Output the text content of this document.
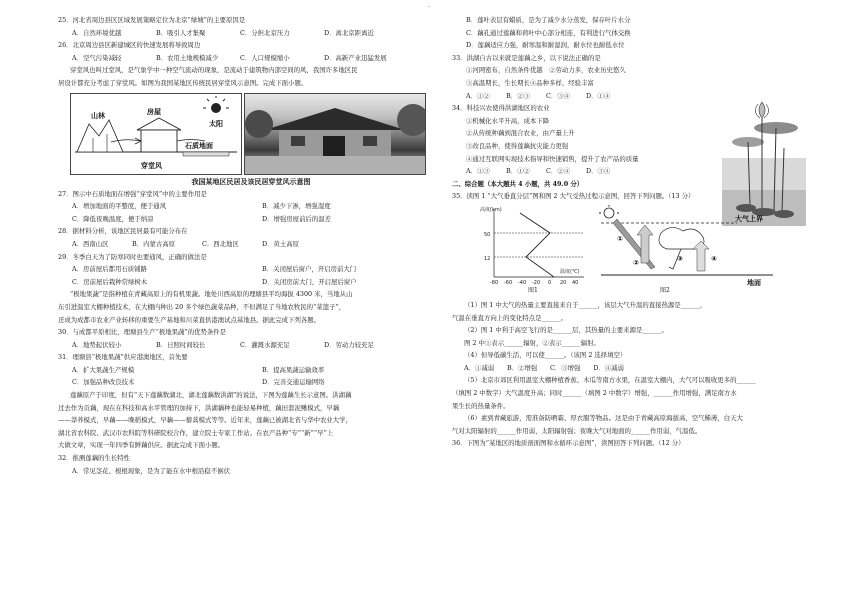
-
25．河北省周边县区区域发展策略定位为北京“绿城”的主要原因是
A．自然环境优越	B．吸引人才集聚	C．分担北京压力	D．离北京距离近
26．北京周边县区新建城区的快速发展将导致周边
A．空气污染减轻	B．农用土地规模减少	C．人口规模缩小	D．高新产业迅猛发展
穿堂风也叫过堂风，是气象学中一种空气流动的现象，是流动于建筑物内部空间的风，我国许多地区民
居设计都充分考虑了穿堂风。如图为我国某地区传统民居穿堂风示意图。完成下面小题。
山林	房屋
太阳
石质地面
穿堂风
我国某地区民居及该民居穿堂风示意图
27．图示中石质地面在增强“穿堂风”中的主要作用是
A．增加地面的平整度，便于通风	B．减少下渗，增强湿度
C．降低夜晚温度，便于纳凉	D．增强房屋前后的温差
28．据材料分析，该地区民居最有可能分布在
A．西南山区	B．内蒙古高原	C．西北地区	D．黄土高原
29．冬季白天为了防寒同时也要通风，正确的做法是
A．房前屋后都用石质铺路	B．关闭屋后窗户，开启房前大门
C．房前屋后栽种常绿树木	D．关闭房前大门，开启屋后窗户
“极地果蔬”是指种植在青藏高原上的有机果蔬。地处川西高原的理塘县平均海拔 4300 米，当地从山
东引进温室大棚种植技术，在大棚内种出 20 多个绿色蔬菜品种，不但满足了当地农牧民的“菜篮子”，
还成为成都市农业产业转移的重要生产基地和川菜直供港澳试点基地县。据此完成下列各题。
30．与成都平原相比，理塘县生产“极地果蔬”的优势条件是
A．地势起伏较小	B．日照时间较长	C．灌溉水源充足	D．劳动力较充足
31．理塘县“极地果蔬”供应港澳地区，首先要
A．扩大果蔬生产规模	B．提高果蔬运输效率
C．加强品种改良技术	D．完善交通运输网络
莲藕原产于印度，但有“天下莲藕数湖北，湖北莲藕数洪湖”的说法，下图为莲藕生长示意图。洪湖藕
过去作为贡藕，现在在科技和高水平管理的加持下，洪湖藕种也能轻易种植，藕田套泥鳅模式，早藕
——莽荞模式，早藕——晚稻模式，早藕——藜蒿模式等等。近年来，莲藕已被湖北省与华中农业大学，
湖北省农科院、武汉市农科院等科研院校合作，建立院士专家工作站。在农产品种“专”“新”“早”上
大做文章，实现一年四季有鲜藕供应。据此完成下面小题。
32．推测莲藕的生长特性
A．常见茎花、根根现象，是为了能在水中根沿稳不倒伏
B．莲叶表层有蜡质，是为了减少水分蒸发，保存叶片水分
C．藕孔通过莲藕和荷叶中心部分相连，有利进行气体交换
D．莲藕适应力强，耐寒温和耐湿润，耐水位也耐低水位
33．洪湖自古以来就是莲藕之乡，以下说法正确的是
①河网密布，自然条件优越　②劳动力多，农业历史悠久
③高温期长，生长期长④品种多样，经验丰富
A．①②	B．②③	C．③④	D．①④
34．科技兴农使得洪湖地区的农业
①机械化水平升高，成本下降
②从传统种藕到混合农业，由产量上升
③改良品种，使得莲藕抗灾能力更强
④通过互联网实现技术指导和快速销售，提升了农产品的质量
A．①③	B．①②	C．②④	D．③④
二、综合题（本大题共 4 小题，共 49.0 分）
35．读图 1 “大气垂直分层”图和图 2 大气受热过程示意图，回答下列问题。（13 分）
50
12
高度(km)
温度(℃)
-80 -60 -40 -20 0 20 40
图1
大气上界
地面
①
②	③	④
图2
（1）图 1 中大气的热量主要直接来自于______，该层大气升温的直接热源是______，
气温在垂直方向上的变化特点是______。
（2）图 1 中利于高空飞行的是______层，其热量的主要来源是______。
图 2 中①表示______辐射，②表示______辐射。
（4）但导低碳生活，可以使______。（该图 2 选择填空）
A．①减弱　　B．②增强　　C．③增强　　D．④减弱
（5）北京市郊区利用温室大棚种植香蕉、木瓜等南方水果，在温室大棚内，大气可以吸收更多的______
（填图 2 中数字）大气温度升高；同时______（填图 2 中数字）增强，______作用增强，满足南方水
果生长的热量条件。
（6）素到青藏旅游，需准备防晒霜、厚衣服等物品。这是由于青藏高原海拔高，空气稀薄，白天大
气对太阳辐射的______作用弱，太阳辐射强；夜晚大气对地面的______作用弱，气温低。
36．下图为“某地区的地质剖面图和水循环示意图”，读图回答下列问题。（12 分）
